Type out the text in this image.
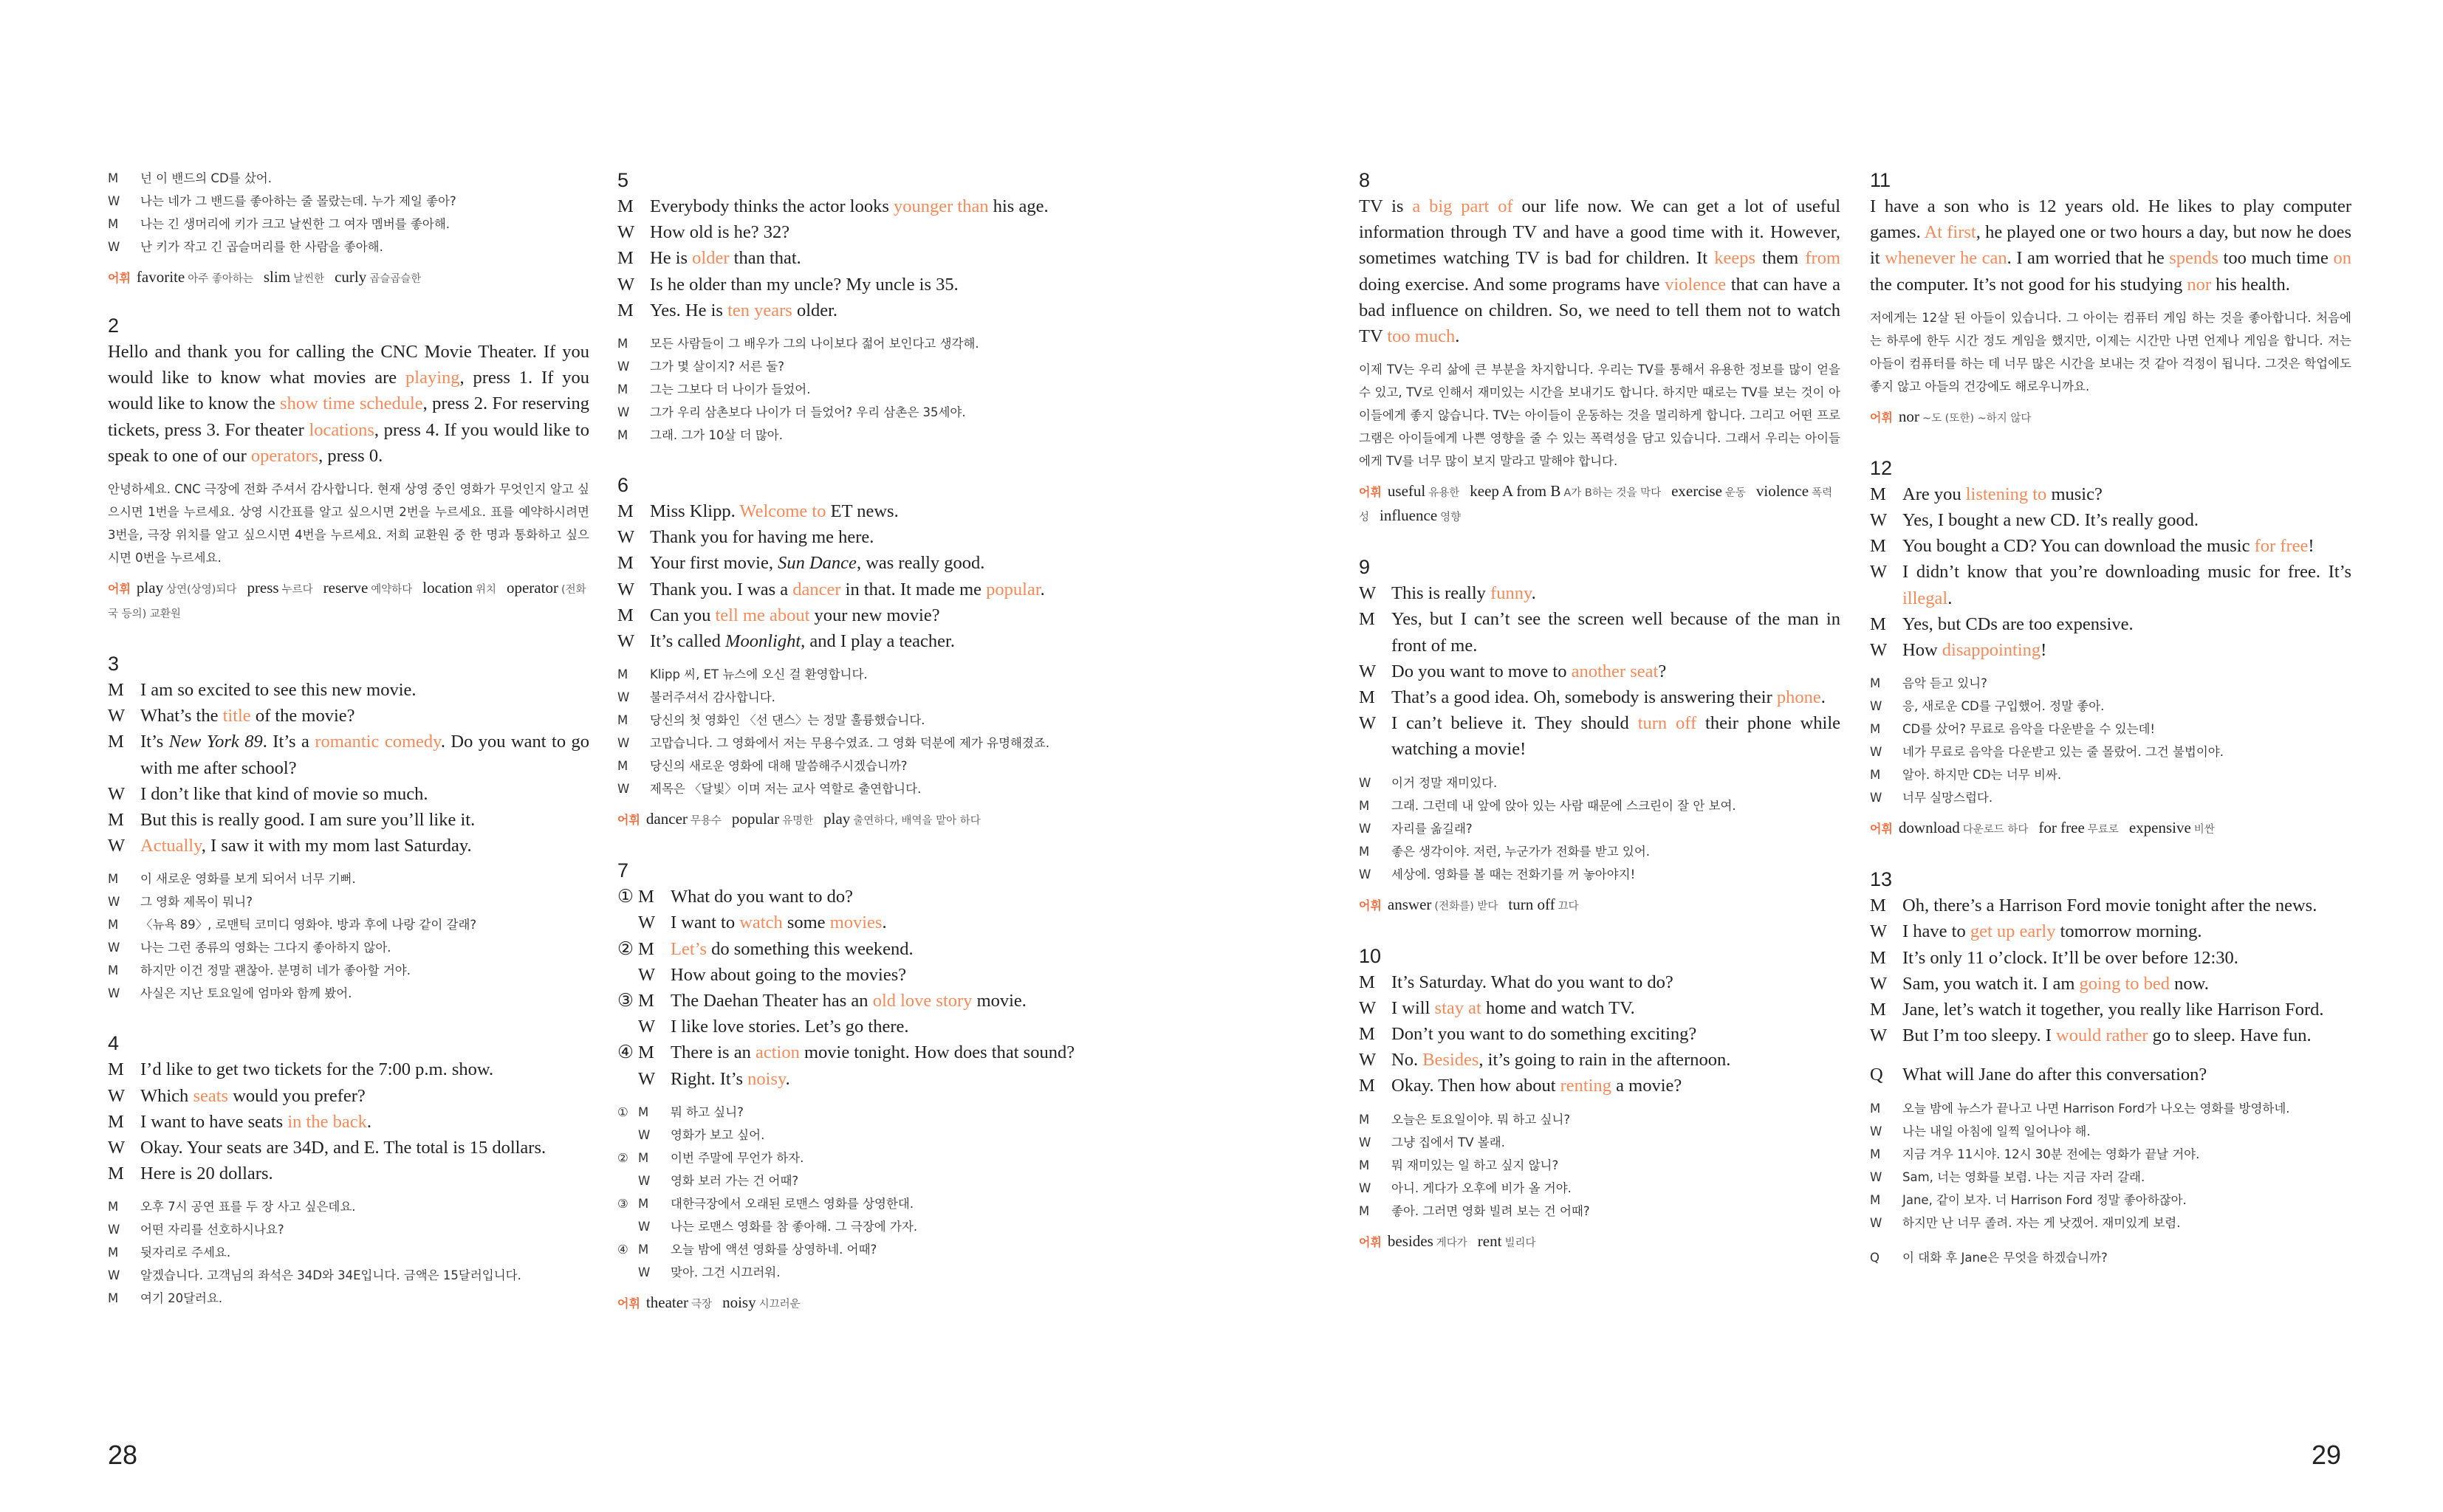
M	넌 이 밴드의 CD를 샀어.
W	나는 네가 그 밴드를 좋아하는 줄 몰랐는데. 누가 제일 좋아?
M	나는 긴 생머리에 키가 크고 날씬한 그 여자 멤버를 좋아해.
W	난 키가 작고 긴 곱슬머리를 한 사람을 좋아해.
어휘 favorite 아주 좋아하는 slim 날씬한 curly 곱슬곱슬한
2
Hello and thank you for calling the CNC Movie Theater. If you would like to know what movies are playing, press 1. If you would like to know the show time schedule, press 2. For reserving tickets, press 3. For theater locations, press 4. If you would like to speak to one of our operators, press 0.
안녕하세요. CNC 극장에 전화 주셔서 감사합니다. 현재 상영 중인 영화가 무엇인지 알고 싶으시면 1번을 누르세요. 상영 시간표를 알고 싶으시면 2번을 누르세요. 표를 예약하시려면 3번을, 극장 위치를 알고 싶으시면 4번을 누르세요. 저희 교환원 중 한 명과 통화하고 싶으시면 0번을 누르세요.
어휘 play 상연(상영)되다 press 누르다 reserve 예약하다 location 위치 operator (전화국 등의) 교환원
3
M I am so excited to see this new movie.
W What’s the title of the movie?
M It’s New York 89. It’s a romantic comedy. Do you want to go with me after school?
W I don’t like that kind of movie so much.
M But this is really good. I am sure you’ll like it.
W Actually, I saw it with my mom last Saturday.
M	이 새로운 영화를 보게 되어서 너무 기뻐.
W	그 영화 제목이 뭐니?
M	〈뉴욕 89〉, 로맨틱 코미디 영화야. 방과 후에 나랑 같이 갈래?
W	나는 그런 종류의 영화는 그다지 좋아하지 않아.
M	하지만 이건 정말 괜찮아. 분명히 네가 좋아할 거야.
W	사실은 지난 토요일에 엄마와 함께 봤어.
4
M I’d like to get two tickets for the 7:00 p.m. show.
W Which seats would you prefer?
M I want to have seats in the back.
W Okay. Your seats are 34D, and E. The total is 15 dollars.
M Here is 20 dollars.
M	오후 7시 공연 표를 두 장 사고 싶은데요.
W	어떤 자리를 선호하시나요?
M	뒷자리로 주세요.
W	알겠습니다. 고객님의 좌석은 34D와 34E입니다. 금액은 15달러입니다.
M	여기 20달러요.
5
M Everybody thinks the actor looks younger than his age.
W How old is he? 32?
M He is older than that.
W Is he older than my uncle? My uncle is 35.
M Yes. He is ten years older.
M	모든 사람들이 그 배우가 그의 나이보다 젊어 보인다고 생각해.
W	그가 몇 살이지? 서른 둘?
M	그는 그보다 더 나이가 들었어.
W	그가 우리 삼촌보다 나이가 더 들었어? 우리 삼촌은 35세야.
M	그래. 그가 10살 더 많아.
6
M Miss Klipp. Welcome to ET news.
W Thank you for having me here.
M Your first movie, Sun Dance, was really good.
W Thank you. I was a dancer in that. It made me popular.
M Can you tell me about your new movie?
W It’s called Moonlight, and I play a teacher.
M	Klipp 씨, ET 뉴스에 오신 걸 환영합니다.
W	불러주셔서 감사합니다.
M	당신의 첫 영화인 〈선 댄스〉는 정말 훌륭했습니다.
W	고맙습니다. 그 영화에서 저는 무용수였죠. 그 영화 덕분에 제가 유명해졌죠.
M	당신의 새로운 영화에 대해 말씀해주시겠습니까?
W	제목은 〈달빛〉이며 저는 교사 역할로 출연합니다.
어휘 dancer 무용수 popular 유명한 play 출연하다, 배역을 맡아 하다
7
① M What do you want to do?
W I want to watch some movies.
② M Let’s do something this weekend.
W How about going to the movies?
③ M The Daehan Theater has an old love story movie.
W I like love stories. Let’s go there.
④ M There is an action movie tonight. How does that sound?
W Right. It’s noisy.
① M	뭐 하고 싶니?
W	영화가 보고 싶어.
② M	이번 주말에 무언가 하자.
W	영화 보러 가는 건 어때?
③ M	대한극장에서 오래된 로맨스 영화를 상영한대.
W	나는 로맨스 영화를 참 좋아해. 그 극장에 가자.
④ M	오늘 밤에 액션 영화를 상영하네. 어때?
W	맞아. 그건 시끄러워.
어휘 theater 극장 noisy 시끄러운
8
TV is a big part of our life now. We can get a lot of useful information through TV and have a good time with it. However, sometimes watching TV is bad for children. It keeps them from doing exercise. And some programs have violence that can have a bad influence on children. So, we need to tell them not to watch TV too much.
이제 TV는 우리 삶에 큰 부분을 차지합니다. 우리는 TV를 통해서 유용한 정보를 많이 얻을 수 있고, TV로 인해서 재미있는 시간을 보내기도 합니다. 하지만 때로는 TV를 보는 것이 아이들에게 좋지 않습니다. TV는 아이들이 운동하는 것을 멀리하게 합니다. 그리고 어떤 프로그램은 아이들에게 나쁜 영향을 줄 수 있는 폭력성을 담고 있습니다. 그래서 우리는 아이들에게 TV를 너무 많이 보지 말라고 말해야 합니다.
어휘 useful 유용한 keep A from B A가 B하는 것을 막다 exercise 운동 violence 폭력성 influence 영향
9
W This is really funny.
M Yes, but I can’t see the screen well because of the man in front of me.
W Do you want to move to another seat?
M That’s a good idea. Oh, somebody is answering their phone.
W I can’t believe it. They should turn off their phone while watching a movie!
W	이거 정말 재미있다.
M	그래. 그런데 내 앞에 앉아 있는 사람 때문에 스크린이 잘 안 보여.
W	자리를 옮길래?
M	좋은 생각이야. 저런, 누군가가 전화를 받고 있어.
W	세상에. 영화를 볼 때는 전화기를 꺼 놓아야지!
어휘 answer (전화를) 받다 turn off 끄다
10
M It’s Saturday. What do you want to do?
W I will stay at home and watch TV.
M Don’t you want to do something exciting?
W No. Besides, it’s going to rain in the afternoon.
M Okay. Then how about renting a movie?
M	오늘은 토요일이야. 뭐 하고 싶니?
W	그냥 집에서 TV 볼래.
M	뭐 재미있는 일 하고 싶지 않니?
W	아니. 게다가 오후에 비가 올 거야.
M	좋아. 그러면 영화 빌려 보는 건 어때?
어휘 besides 게다가 rent 빌리다
11
I have a son who is 12 years old. He likes to play computer games. At first, he played one or two hours a day, but now he does it whenever he can. I am worried that he spends too much time on the computer. It’s not good for his studying nor his health.
저에게는 12살 된 아들이 있습니다. 그 아이는 컴퓨터 게임 하는 것을 좋아합니다. 처음에는 하루에 한두 시간 정도 게임을 했지만, 이제는 시간만 나면 언제나 게임을 합니다. 저는 아들이 컴퓨터를 하는 데 너무 많은 시간을 보내는 것 같아 걱정이 됩니다. 그것은 학업에도 좋지 않고 아들의 건강에도 해로우니까요.
어휘 nor ~도 (또한) ~하지 않다
12
M Are you listening to music?
W Yes, I bought a new CD. It’s really good.
M You bought a CD? You can download the music for free!
W I didn’t know that you’re downloading music for free. It’s illegal.
M Yes, but CDs are too expensive.
W How disappointing!
M	음악 듣고 있니?
W	응, 새로운 CD를 구입했어. 정말 좋아.
M	CD를 샀어? 무료로 음악을 다운받을 수 있는데!
W	네가 무료로 음악을 다운받고 있는 줄 몰랐어. 그건 불법이야.
M	알아. 하지만 CD는 너무 비싸.
W	너무 실망스럽다.
어휘 download 다운로드 하다 for free 무료로 expensive 비싼
13
M Oh, there’s a Harrison Ford movie tonight after the news.
W I have to get up early tomorrow morning.
M It’s only 11 o’clock. It’ll be over before 12:30.
W Sam, you watch it. I am going to bed now.
M Jane, let’s watch it together, you really like Harrison Ford.
W But I’m too sleepy. I would rather go to sleep. Have fun.
Q	What will Jane do after this conversation?
M	오늘 밤에 뉴스가 끝나고 나면 Harrison Ford가 나오는 영화를 방영하네.
W	나는 내일 아침에 일찍 일어나야 해.
M	지금 겨우 11시야. 12시 30분 전에는 영화가 끝날 거야.
W	Sam, 너는 영화를 보렴. 나는 지금 자러 갈래.
M	Jane, 같이 보자. 너 Harrison Ford 정말 좋아하잖아.
W	하지만 난 너무 졸려. 자는 게 낫겠어. 재미있게 보렴.
Q	이 대화 후 Jane은 무엇을 하겠습니까?
28	29
